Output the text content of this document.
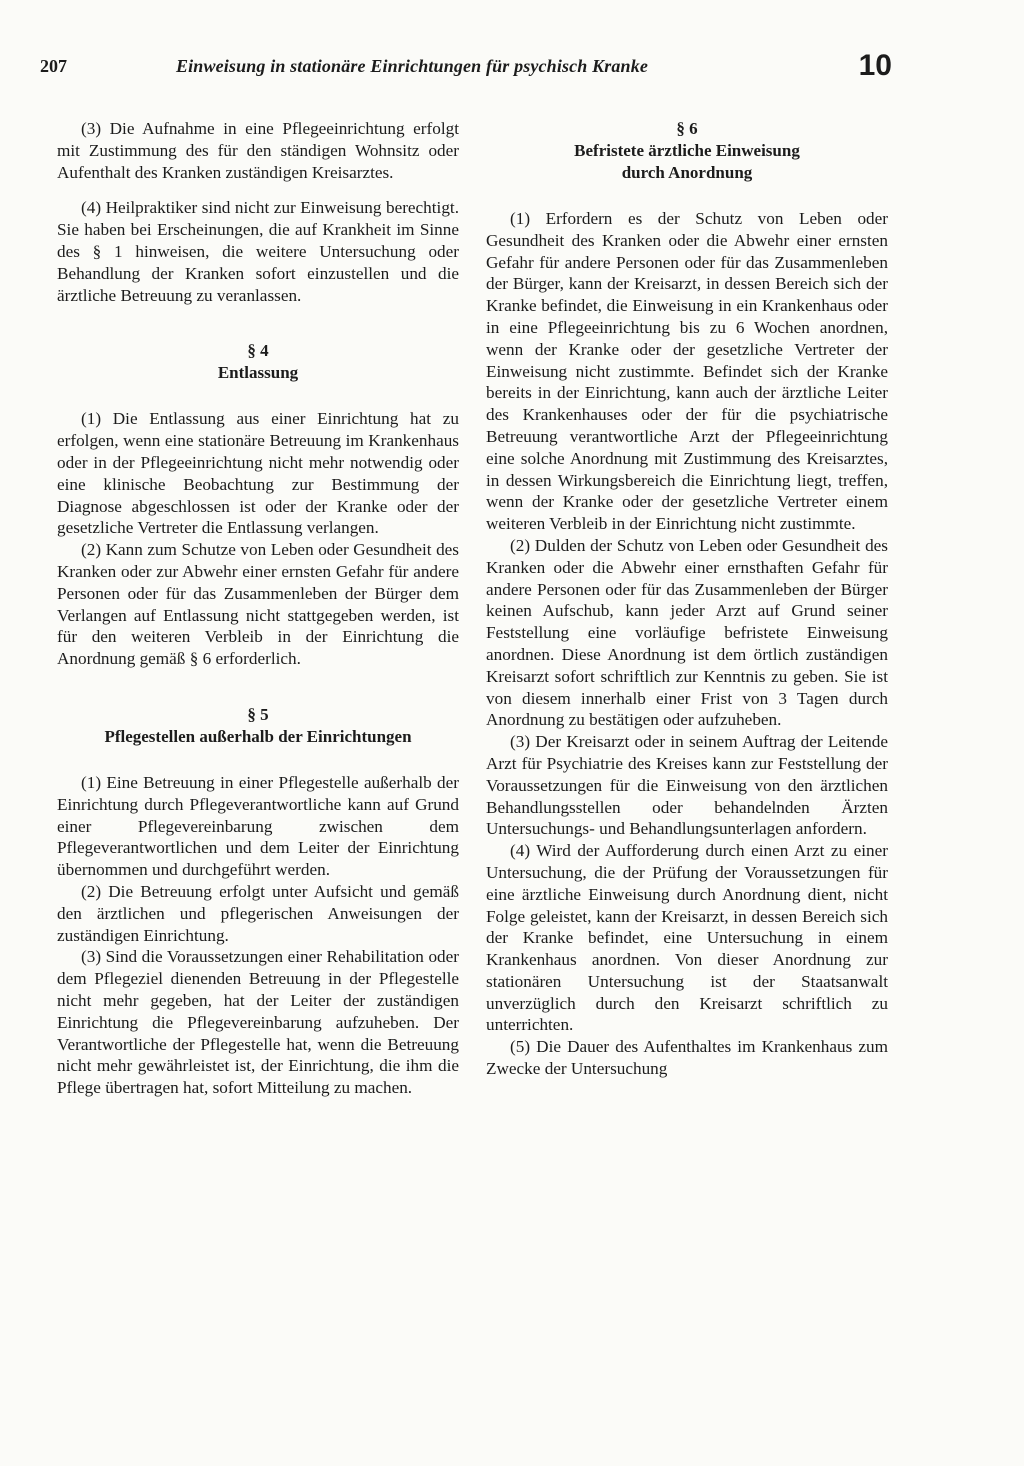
207	Einweisung in stationäre Einrichtungen für psychisch Kranke	10

(3) Die Aufnahme in eine Pflegeeinrichtung erfolgt mit Zustimmung des für den ständigen Wohnsitz oder Aufenthalt des Kranken zuständigen Kreisarztes.

(4) Heilpraktiker sind nicht zur Einweisung berechtigt. Sie haben bei Erscheinungen, die auf Krankheit im Sinne des § 1 hinweisen, die weitere Untersuchung oder Behandlung der Kranken sofort einzustellen und die ärztliche Betreuung zu veranlassen.

§ 4
Entlassung

(1) Die Entlassung aus einer Einrichtung hat zu erfolgen, wenn eine stationäre Betreuung im Krankenhaus oder in der Pflegeeinrichtung nicht mehr notwendig oder eine klinische Beobachtung zur Bestimmung der Diagnose abgeschlossen ist oder der Kranke oder der gesetzliche Vertreter die Entlassung verlangen.

(2) Kann zum Schutze von Leben oder Gesundheit des Kranken oder zur Abwehr einer ernsten Gefahr für andere Personen oder für das Zusammenleben der Bürger dem Verlangen auf Entlassung nicht stattgegeben werden, ist für den weiteren Verbleib in der Einrichtung die Anordnung gemäß § 6 erforderlich.

§ 5
Pflegestellen außerhalb der Einrichtungen

(1) Eine Betreuung in einer Pflegestelle außerhalb der Einrichtung durch Pflegeverantwortliche kann auf Grund einer Pflegevereinbarung zwischen dem Pflegeverantwortlichen und dem Leiter der Einrichtung übernommen und durchgeführt werden.

(2) Die Betreuung erfolgt unter Aufsicht und gemäß den ärztlichen und pflegerischen Anweisungen der zuständigen Einrichtung.

(3) Sind die Voraussetzungen einer Rehabilitation oder dem Pflegeziel dienenden Betreuung in der Pflegestelle nicht mehr gegeben, hat der Leiter der zuständigen Einrichtung die Pflegevereinbarung aufzuheben. Der Verantwortliche der Pflegestelle hat, wenn die Betreuung nicht mehr gewährleistet ist, der Einrichtung, die ihm die Pflege übertragen hat, sofort Mitteilung zu machen.

§ 6
Befristete ärztliche Einweisung
durch Anordnung

(1) Erfordern es der Schutz von Leben oder Gesundheit des Kranken oder die Abwehr einer ernsten Gefahr für andere Personen oder für das Zusammenleben der Bürger, kann der Kreisarzt, in dessen Bereich sich der Kranke befindet, die Einweisung in ein Krankenhaus oder in eine Pflegeeinrichtung bis zu 6 Wochen anordnen, wenn der Kranke oder der gesetzliche Vertreter der Einweisung nicht zustimmte. Befindet sich der Kranke bereits in der Einrichtung, kann auch der ärztliche Leiter des Krankenhauses oder der für die psychiatrische Betreuung verantwortliche Arzt der Pflegeeinrichtung eine solche Anordnung mit Zustimmung des Kreisarztes, in dessen Wirkungsbereich die Einrichtung liegt, treffen, wenn der Kranke oder der gesetzliche Vertreter einem weiteren Verbleib in der Einrichtung nicht zustimmte.

(2) Dulden der Schutz von Leben oder Gesundheit des Kranken oder die Abwehr einer ernsthaften Gefahr für andere Personen oder für das Zusammenleben der Bürger keinen Aufschub, kann jeder Arzt auf Grund seiner Feststellung eine vorläufige befristete Einweisung anordnen. Diese Anordnung ist dem örtlich zuständigen Kreisarzt sofort schriftlich zur Kenntnis zu geben. Sie ist von diesem innerhalb einer Frist von 3 Tagen durch Anordnung zu bestätigen oder aufzuheben.

(3) Der Kreisarzt oder in seinem Auftrag der Leitende Arzt für Psychiatrie des Kreises kann zur Feststellung der Voraussetzungen für die Einweisung von den ärztlichen Behandlungsstellen oder behandelnden Ärzten Untersuchungs- und Behandlungsunterlagen anfordern.

(4) Wird der Aufforderung durch einen Arzt zu einer Untersuchung, die der Prüfung der Voraussetzungen für eine ärztliche Einweisung durch Anordnung dient, nicht Folge geleistet, kann der Kreisarzt, in dessen Bereich sich der Kranke befindet, eine Untersuchung in einem Krankenhaus anordnen. Von dieser Anordnung zur stationären Untersuchung ist der Staatsanwalt unverzüglich durch den Kreisarzt schriftlich zu unterrichten.

(5) Die Dauer des Aufenthaltes im Krankenhaus zum Zwecke der Untersuchung
